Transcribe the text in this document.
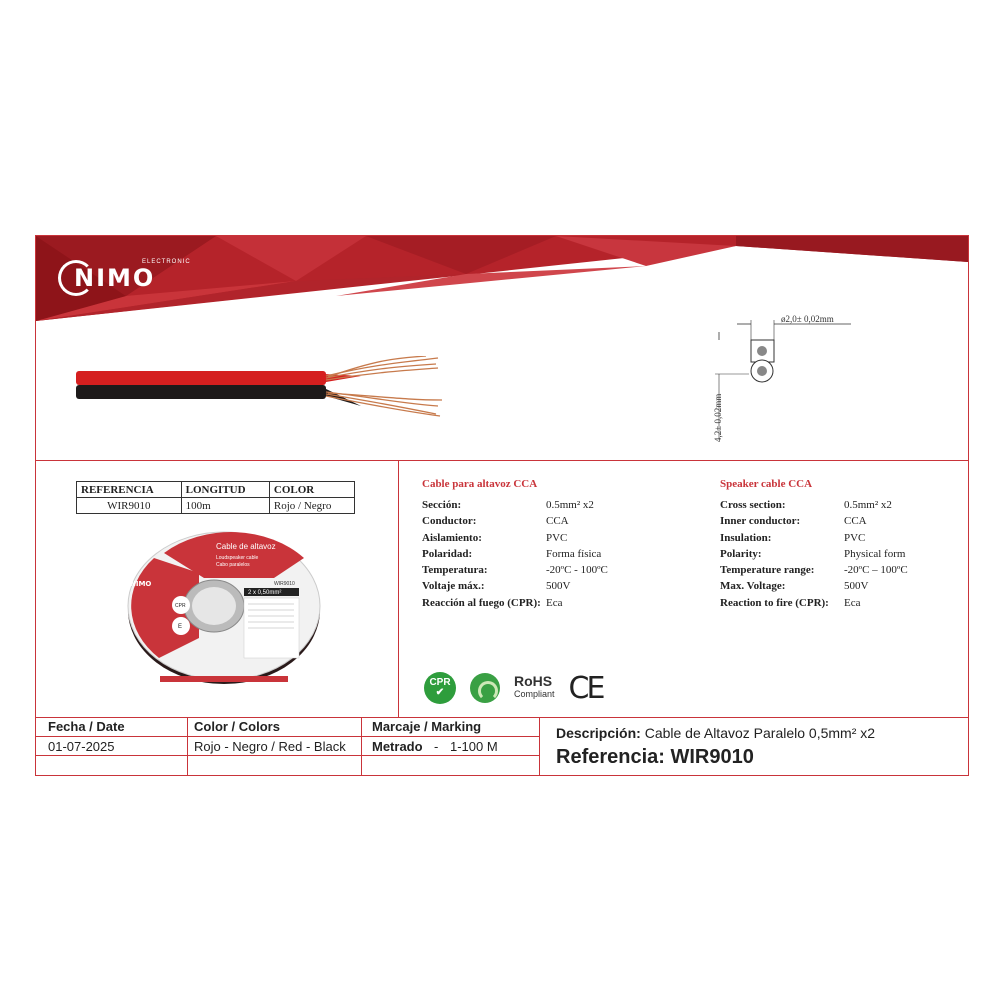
NIMO
ELECTRONIC
ø2,0± 0,02mm
4,2± 0,02mm
REFERENCIA	LONGITUD	COLOR
WIR9010	100m	Rojo / Negro
Cable de altavoz
Loudspeaker cable
Cabo paralelos
WIR9010
2 x 0,50mm²
CPR
E
NIMO
Cable para altavoz CCA
Sección:	0.5mm² x2
Conductor:	CCA
Aislamiento:	PVC
Polaridad:	Forma física
Temperatura:	-20ºC - 100ºC
Voltaje máx.:	500V
Reacción al fuego (CPR): Eca
Speaker cable CCA
Cross section:	0.5mm² x2
Inner conductor:	CCA
Insulation:	PVC
Polarity:	Physical form
Temperature range:	-20ºC – 100ºC
Max. Voltage:	500V
Reaction to fire (CPR):	Eca
CPR
✔
RoHS
Compliant CE
Fecha / Date
01-07-2025
Color / Colors
Rojo - Negro / Red - Black
Marcaje / Marking
Metrado - 1-100 M
Descripción: Cable de Altavoz Paralelo 0,5mm² x2
Referencia: WIR9010
